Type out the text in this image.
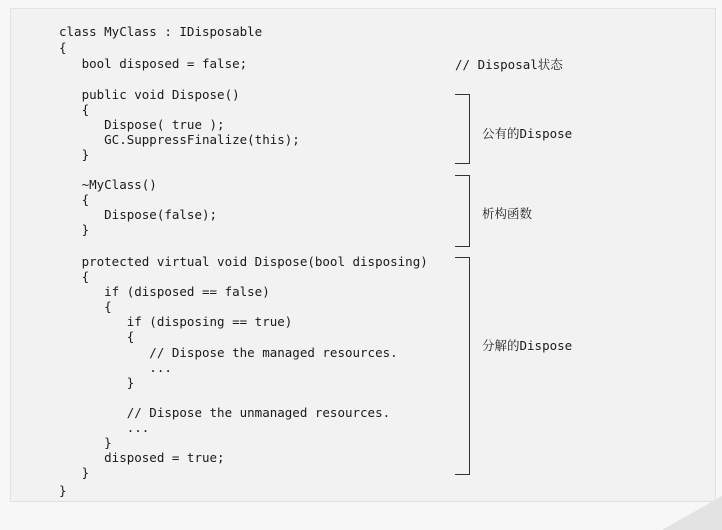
class MyClass : IDisposable
{
bool disposed = false;
public void Dispose()
{
Dispose( true );
GC.SuppressFinalize(this);
}
~MyClass()
{
Dispose(false);
}
protected virtual void Dispose(bool disposing)
{
if (disposed == false)
{
if (disposing == true)
{
// Dispose the managed resources.
...
}
// Dispose the unmanaged resources.
...
}
disposed = true;
}
}
// Disposal状态
公有的Dispose
析构函数
分解的Dispose
